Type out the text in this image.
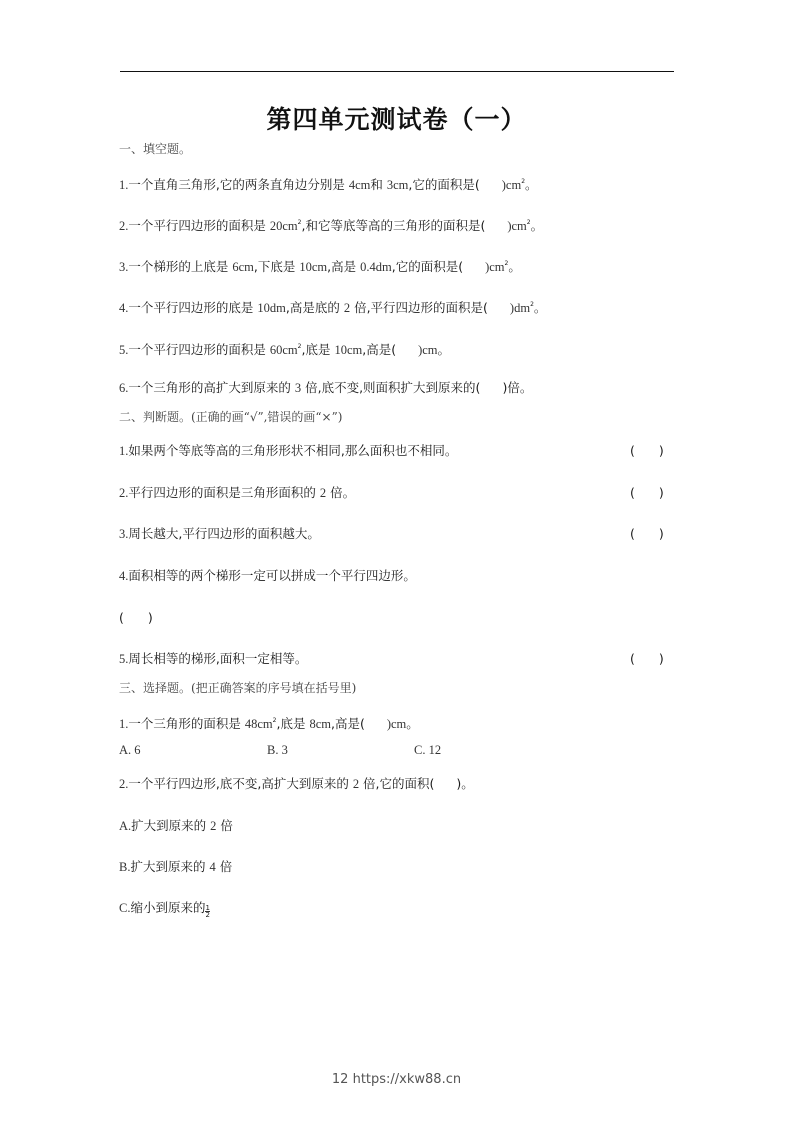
第四单元测试卷（一）
一、填空题。
1.一个直角三角形,它的两条直角边分别是 4cm和 3cm,它的面积是( )$cm^2$。
2.一个平行四边形的面积是 $20cm^2$,和它等底等高的三角形的面积是( )$cm^2$。
3.一个梯形的上底是 6cm,下底是 10cm,高是 0.4dm,它的面积是( )$cm^2$。
4.一个平行四边形的底是 10dm,高是底的 2 倍,平行四边形的面积是( )$dm^2$。
5.一个平行四边形的面积是 $60cm^2$,底是 10cm,高是( )cm。
6.一个三角形的高扩大到原来的 3 倍,底不变,则面积扩大到原来的( )倍。
二、判断题。(正确的画“√”,错误的画“×”)
1.如果两个等底等高的三角形形状不相同,那么面积也不相同。	( )
2.平行四边形的面积是三角形面积的 2 倍。	( )
3.周长越大,平行四边形的面积越大。	( )
4.面积相等的两个梯形一定可以拼成一个平行四边形。
( )
5.周长相等的梯形,面积一定相等。	( )
三、选择题。(把正确答案的序号填在括号里)
1.一个三角形的面积是 $48cm^2$,底是 8cm,高是( )cm。
A. 6	B. 3	C. 12
2.一个平行四边形,底不变,高扩大到原来的 2 倍,它的面积( )。
A.扩大到原来的 2 倍
B.扩大到原来的 4 倍
C.缩小到原来的 $\frac{1}{2}$
12 https://xkw88.cn
